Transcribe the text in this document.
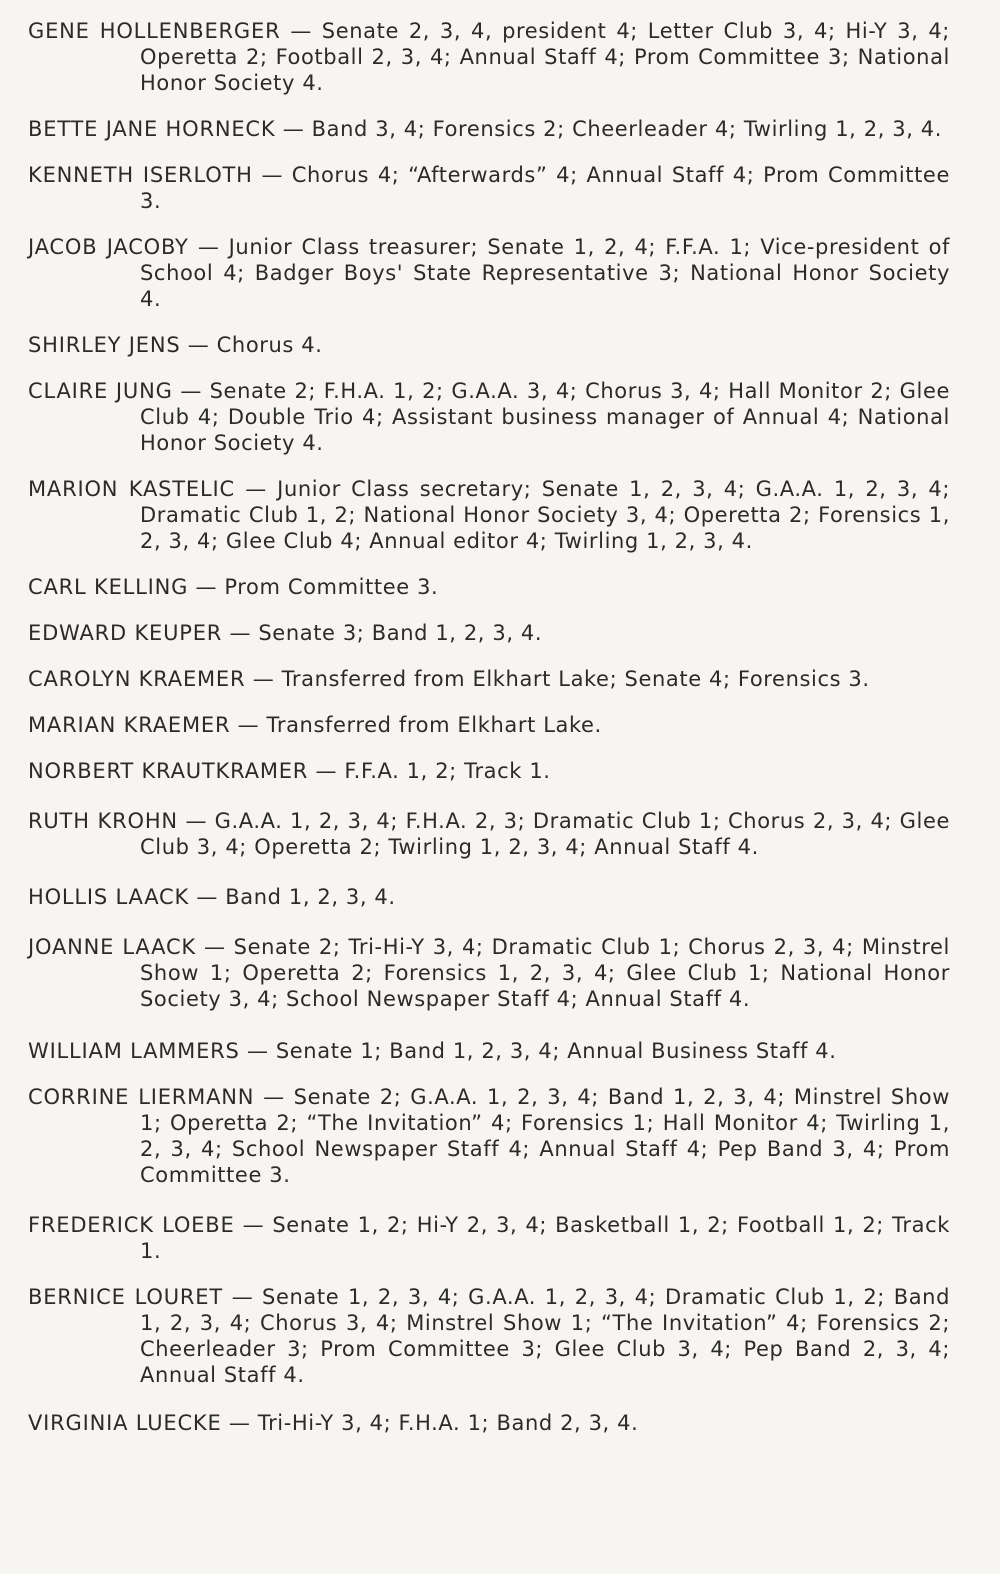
GENE HOLLENBERGER — Senate 2, 3, 4, president 4; Letter Club 3, 4; Hi-Y 3, 4; Operetta 2; Football 2, 3, 4; Annual Staff 4; Prom Committee 3; National Honor Society 4.

BETTE JANE HORNECK — Band 3, 4; Forensics 2; Cheerleader 4; Twirling 1, 2, 3, 4.

KENNETH ISERLOTH — Chorus 4; “Afterwards” 4; Annual Staff 4; Prom Committee 3.

JACOB JACOBY — Junior Class treasurer; Senate 1, 2, 4; F.F.A. 1; Vice-president of School 4; Badger Boys' State Representative 3; National Honor Society 4.

SHIRLEY JENS — Chorus 4.

CLAIRE JUNG — Senate 2; F.H.A. 1, 2; G.A.A. 3, 4; Chorus 3, 4; Hall Monitor 2; Glee Club 4; Double Trio 4; Assistant business manager of Annual 4; National Honor Society 4.

MARION KASTELIC — Junior Class secretary; Senate 1, 2, 3, 4; G.A.A. 1, 2, 3, 4; Dramatic Club 1, 2; National Honor Society 3, 4; Operetta 2; Forensics 1, 2, 3, 4; Glee Club 4; Annual editor 4; Twirling 1, 2, 3, 4.

CARL KELLING — Prom Committee 3.

EDWARD KEUPER — Senate 3; Band 1, 2, 3, 4.

CAROLYN KRAEMER — Transferred from Elkhart Lake; Senate 4; Forensics 3.

MARIAN KRAEMER — Transferred from Elkhart Lake.

NORBERT KRAUTKRAMER — F.F.A. 1, 2; Track 1.

RUTH KROHN — G.A.A. 1, 2, 3, 4; F.H.A. 2, 3; Dramatic Club 1; Chorus 2, 3, 4; Glee Club 3, 4; Operetta 2; Twirling 1, 2, 3, 4; Annual Staff 4.

HOLLIS LAACK — Band 1, 2, 3, 4.

JOANNE LAACK — Senate 2; Tri-Hi-Y 3, 4; Dramatic Club 1; Chorus 2, 3, 4; Minstrel Show 1; Operetta 2; Forensics 1, 2, 3, 4; Glee Club 1; National Honor Society 3, 4; School Newspaper Staff 4; Annual Staff 4.

WILLIAM LAMMERS — Senate 1; Band 1, 2, 3, 4; Annual Business Staff 4.

CORRINE LIERMANN — Senate 2; G.A.A. 1, 2, 3, 4; Band 1, 2, 3, 4; Minstrel Show 1; Operetta 2; “The Invitation” 4; Forensics 1; Hall Monitor 4; Twirling 1, 2, 3, 4; School Newspaper Staff 4; Annual Staff 4; Pep Band 3, 4; Prom Committee 3.

FREDERICK LOEBE — Senate 1, 2; Hi-Y 2, 3, 4; Basketball 1, 2; Football 1, 2; Track 1.

BERNICE LOURET — Senate 1, 2, 3, 4; G.A.A. 1, 2, 3, 4; Dramatic Club 1, 2; Band 1, 2, 3, 4; Chorus 3, 4; Minstrel Show 1; “The Invitation” 4; Forensics 2; Cheerleader 3; Prom Committee 3; Glee Club 3, 4; Pep Band 2, 3, 4; Annual Staff 4.

VIRGINIA LUECKE — Tri-Hi-Y 3, 4; F.H.A. 1; Band 2, 3, 4.
